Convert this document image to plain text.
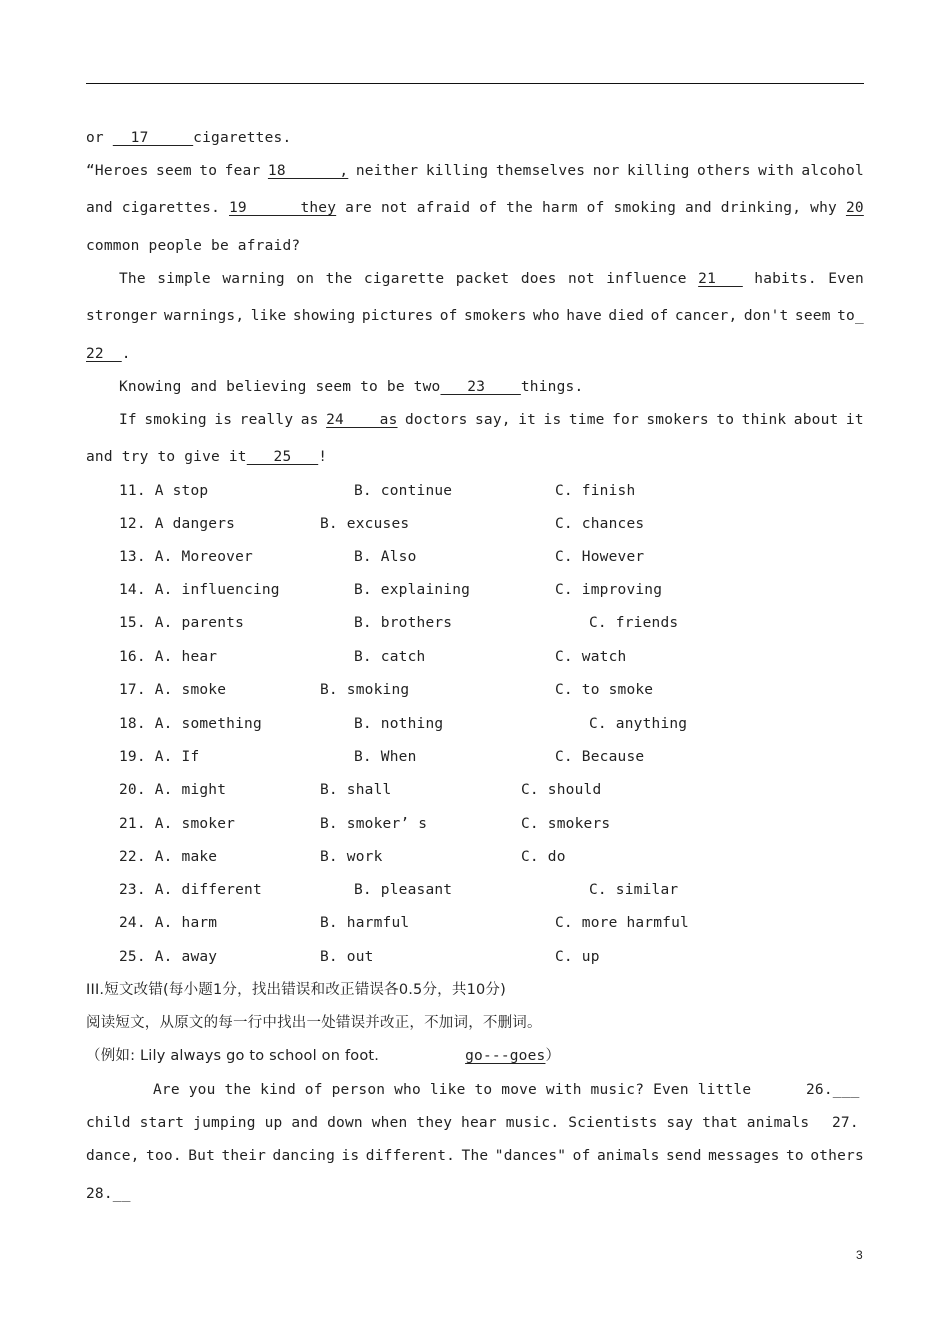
or   17     cigarettes.
“Heroes seem to fear 18      , neither killing themselves nor killing others with alcohol
and cigarettes. 19      they are not afraid of the harm of smoking and drinking, why 20
common people be afraid?
The simple warning on the cigarette packet does not influence 21 habits. Even
stronger warnings, like showing pictures of smokers who have died of cancer, don't seem to_
22  .
Knowing and believing seem to be two   23    things.
If smoking is really as 24    as doctors say, it is time for smokers to think about it
and try to give it   25   !
11. A stop	B. continue	C. finish
12. A dangers	B. excuses	C. chances
13. A. Moreover	B. Also	C. However
14. A. influencing	B. explaining	C. improving
15. A. parents	B. brothers	C. friends
16. A. hear	B. catch	C. watch
17. A. smoke	B. smoking	C. to smoke
18. A. something	B. nothing	C. anything
19. A. If	B. When	C. Because
20. A. might	B. shall	C. should
21. A. smoker	B. smoker’ s	C. smokers
22. A. make	B. work	C. do
23. A. different	B. pleasant	C. similar
24. A. harm	B. harmful	C. more harmful
25. A. away	B. out	C. up
III.短文改错(每小题1分，找出错误和改正错误各0.5分，共10分)
阅读短文，从原文的每一行中找出一处错误并改正，不加词，不删词。
（例如: Lily always go to school on foot.	go---goes）
Are you the kind of person who like to move with music? Even little	26.___
child start jumping up and down when they hear music. Scientists say that animals 27.
dance, too. But their dancing is different. The "dances" of animals send messages to others
28.__
3
